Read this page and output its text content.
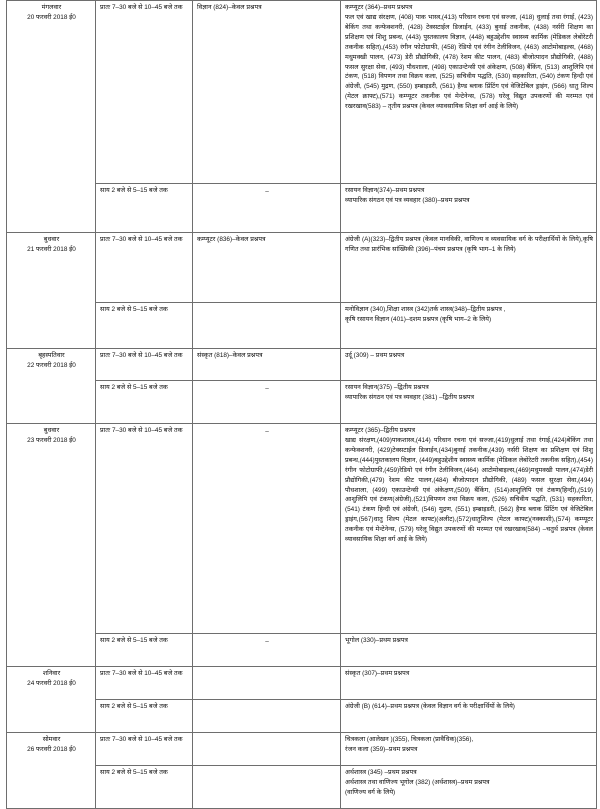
मंगलवार
20 फरवरी 2018 ई0	प्रातः 7–30 बजे से 10–45 बजे तक	विज्ञान (824)–केवल प्रश्नपत्र	कम्प्यूटर (364)–प्रथम प्रश्नपत्र
फल एवं खाद्य संरक्षण, (408) पाक भास्त्र,(413) परिधान रचना एवं सज्जा, (418) धुलाई तथा रंगाई, (423) बेकिंग तथा कन्फेक्शनरी, (428) टेक्सटाईल डिजाईन, (433) बुनाई तकनीक, (438) नर्सरी शिक्षण का प्रशिक्षण एवं शिशु प्रबन्ध, (443) पुस्तकालय विज्ञान, (448) बहुउद्देशीय स्वास्थ्य कार्मिक (मेडिकल लेबोरेटरी तकनीक सहित),(453) रंगीन फोटोग्राफी, (458) रेडियो एवं रंगीन टेलीविजन, (463) आटोमोबाइल्स, (468) मधुमक्खी पालन, (473) डेरी प्रौद्योगिकी, (478) रेशम कीट पालन, (483) बीजोत्पादन प्रौद्योगिकी, (488) फसल सुरक्षा सेवा, (493) पौधशाला, (498) एकाउन्टेन्सी एवं अंकेक्षण, (508) बैंकिंग, (513) आशुलिपि एवं टंकण, (518) विपणन तथा विक्रय कला, (525) सचिवीय पद्धति, (530) सहकारिता, (540) टंकण हिन्दी एवं अंग्रेजी, (545) मुद्रण, (550) इम्ब्राइडरी, (561) हैण्ड ब्लाक प्रिंटिंग एवं वेजिटेबिल ड्राइंग, (566) धातु शिल्प (मेटल क्राफ्ट),(571) कम्प्यूटर तकनीक एवं मेन्टेनेन्स, (578) घरेलू विद्युत उपकरणों की मरम्मत एवं रखरखाव(583) – तृतीय प्रश्नपत्र (केवल व्यावसायिक शिक्षा वर्ग आई के लिये)

	साय 2 बजे से 5–15 बजे तक	–	रसायन विज्ञान(374)–प्रथम प्रश्नपत्र
व्यापारिक संगठन एवं पत्र व्यवहार (380)–प्रथम प्रश्नपत्र

बुधवार
21 फरवरी 2018 ई0	प्रातः 7–30 बजे से 10–45 बजे तक	कम्प्यूटर (836)–केवल प्रश्नपत्र	अंग्रेजी (A)(323)–द्वितीय प्रश्नपत्र (केवल मानविकी, वाणिज्य व व्यवसायिक वर्ग के परीक्षार्थियों के लिये),कृषि गणित तथा प्रारंभिक सांख्यिकी (396)–पंचम प्रश्नपत्र (कृषि भाग–1 के लिये)

	साय 2 बजे से 5–15 बजे तक		मनोविज्ञान (340),शिक्षा शास्त्र (342)तर्क शास्त्र(348)–द्वितीय प्रश्नपत्र ,
कृषि रसायन विज्ञान (401)–दशम प्रश्नपत्र (कृषि भाग–2 के लिये)

बृहस्पतिवार
22 फरवरी 2018 ई0	प्रातः 7–30 बजे से 10–45 बजे तक	संस्कृत (818)–केवल प्रश्नपत्र	उर्दू (309) – प्रथम प्रश्नपत्र

	साय 2 बजे से 5–15 बजे तक	–	रसायन विज्ञान(375) –द्वितीय प्रश्नपत्र
व्यापारिक संगठन एवं पत्र व्यवहार (381) –द्वितीय प्रश्नपत्र

बुधवार
23 फरवरी 2018 ई0	प्रातः 7–30 बजे से 10–45 बजे तक	–	कम्प्यूटर (365)–द्वितीय प्रश्नपत्र
खाद्य संरक्षण,(409)पाकशास्त्र,(414) परिधान रचना एवं सज्जा,(419)धुलाई तथा रंगाई,(424)बेकिंग तथा कन्फेक्शनरी, (429)टेक्सटाईल डिजाईन,(434)बुनाई तकनीक,(439) नर्सरी शिक्षण का प्रशिक्षण एवं शिशु प्रबन्ध,(444)पुस्तकालय विज्ञान, (449)बहुउद्देशीय स्वास्थ्य कार्मिक (मेडिकल लेबोरेटरी तकनीक सहित),(454) रंगीन फोटोग्राफी,(459)रेडियो एवं रंगीन टेलीविजन,(464) आटोमोबाइल्स,(469)मधुमक्खी पालन,(474)डेरी प्रौद्योगिकी,(479) रेशम कीट पालन,(484) बीजोत्पादन प्रौद्योगिकी, (489) फसल सुरक्षा सेवा,(494) पौधशाला, (499) एकाउन्टेन्सी एवं अंकेक्षण,(509) बैंकिंग, (514)आशुलिपि एवं टंकण(हिन्दी),(519) आशुलिपि एवं टंकण(अंग्रेजी),(521)विपणन तथा विक्रय कला, (526) सचिवीय पद्धति, (531) सहकारिता, (541) टंकण हिन्दी एवं अंग्रेजी, (546) मुद्रण, (551) इम्ब्राइडरी, (562) हैण्ड ब्लाक प्रिंटिंग एवं वेजिटेबिल ड्राइंग,(567)धातु शिल्प (मेटल काफ्ट)(अलीट),(572)धातुशिल्प (मेटल काफ्ट)(नक्काशी),(574) कम्प्यूटर तकनीक एवं मेन्टेनेन्स, (579) घरेलू विद्युत उपकरणों की मरम्मत एवं रखरखाव(584) –चतुर्थ प्रश्नपत्र (केवल व्यावसायिक शिक्षा वर्ग आई के लिये)

	साय 2 बजे से 5–15 बजे तक	–	भूगोल (330)–प्रथम प्रश्नपत्र

शनिवार
24 फरवरी 2018 ई0	प्रातः 7–30 बजे से 10–45 बजे तक		संस्कृत (307)–प्रथम प्रश्नपत्र

	साय 2 बजे से 5–15 बजे तक		अंग्रेजी (B) (614)–प्रथम प्रश्नपत्र (केवल विज्ञान वर्ग के परीक्षार्थियों के लिये)

सोमवार
26 फरवरी 2018 ई0	प्रातः 7–30 बजे से 10–45 बजे तक		चित्रकला (आलेखन )(355), चित्रकला (प्रावैधिक)(356),
रंजन कला (359)–प्रथम प्रश्नपत्र

	साय 2 बजे से 5–15 बजे तक		अर्थशास्त्र (345) –प्रथम प्रश्नपत्र
अर्थशास्त्र तथा वाणिज्य भूगोल (382) (अर्थशास्त्र)–प्रथम प्रश्नपत्र
(वाणिज्य वर्ग के लिये)
